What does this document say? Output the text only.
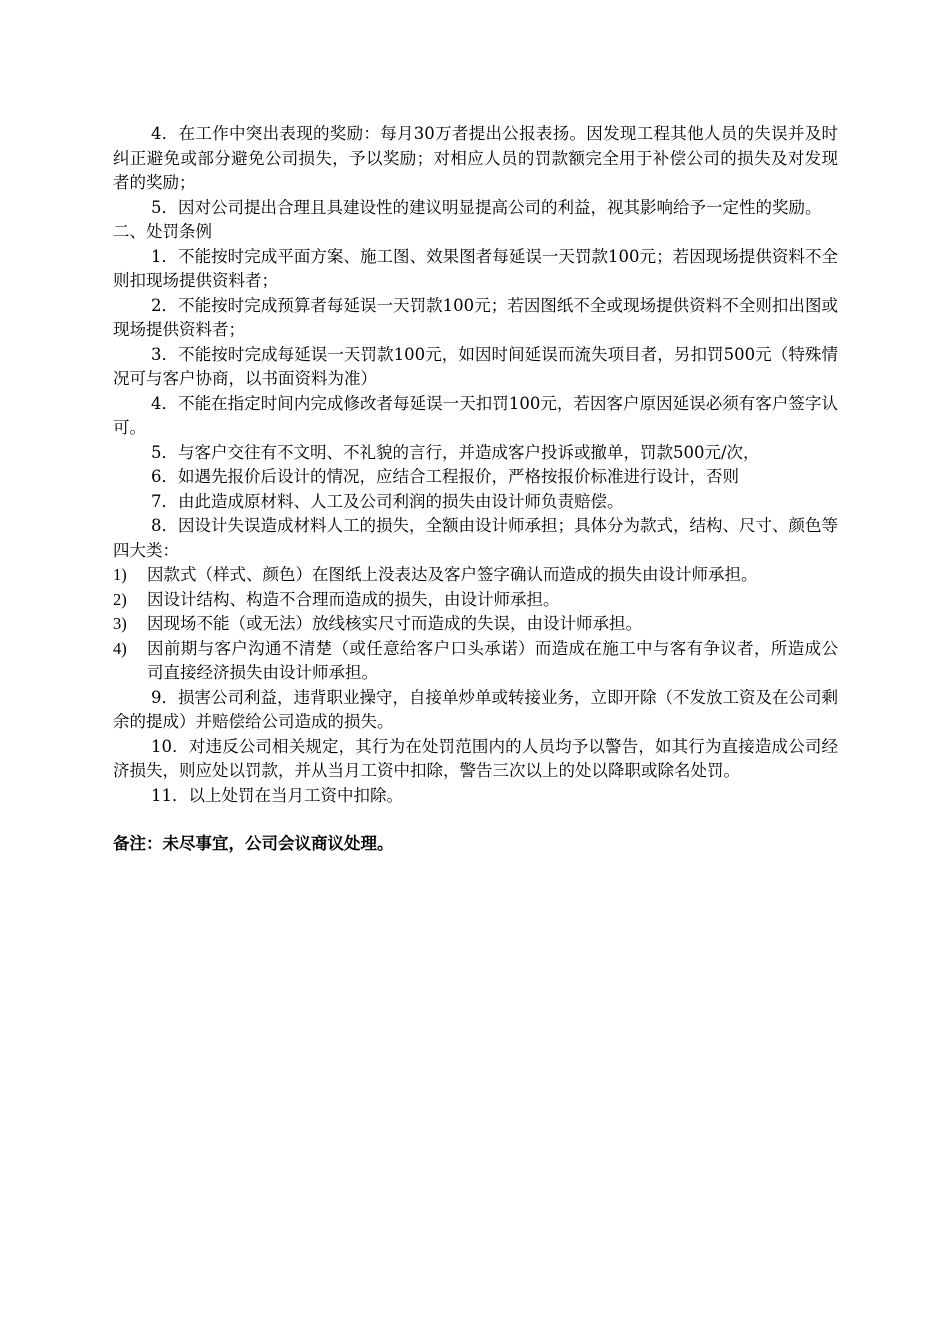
4．在工作中突出表现的奖励：每月30万者提出公报表扬。因发现工程其他人员的失误并及时纠正避免或部分避免公司损失，予以奖励；对相应人员的罚款额完全用于补偿公司的损失及对发现者的奖励；

5．因对公司提出合理且具建设性的建议明显提高公司的利益，视其影响给予一定性的奖励。

二、处罚条例

1．不能按时完成平面方案、施工图、效果图者每延误一天罚款100元；若因现场提供资料不全则扣现场提供资料者；

2．不能按时完成预算者每延误一天罚款100元；若因图纸不全或现场提供资料不全则扣出图或现场提供资料者；

3．不能按时完成每延误一天罚款100元，如因时间延误而流失项目者，另扣罚500元（特殊情况可与客户协商，以书面资料为准）

4．不能在指定时间内完成修改者每延误一天扣罚100元，若因客户原因延误必须有客户签字认可。

5．与客户交往有不文明、不礼貌的言行，并造成客户投诉或撤单，罚款500元/次，

6．如遇先报价后设计的情况，应结合工程报价，严格按报价标准进行设计，否则

7．由此造成原材料、人工及公司利润的损失由设计师负责赔偿。

8．因设计失误造成材料人工的损失，全额由设计师承担；具体分为款式，结构、尺寸、颜色等四大类：

1)	因款式（样式、颜色）在图纸上没表达及客户签字确认而造成的损失由设计师承担。
2)	因设计结构、构造不合理而造成的损失，由设计师承担。
3)	因现场不能（或无法）放线核实尺寸而造成的失误，由设计师承担。
4)	因前期与客户沟通不清楚（或任意给客户口头承诺）而造成在施工中与客有争议者，所造成公司直接经济损失由设计师承担。

9．损害公司利益，违背职业操守，自接单炒单或转接业务，立即开除（不发放工资及在公司剩余的提成）并赔偿给公司造成的损失。

10．对违反公司相关规定，其行为在处罚范围内的人员均予以警告，如其行为直接造成公司经济损失，则应处以罚款，并从当月工资中扣除，警告三次以上的处以降职或除名处罚。

11．以上处罚在当月工资中扣除。

备注：未尽事宜，公司会议商议处理。
